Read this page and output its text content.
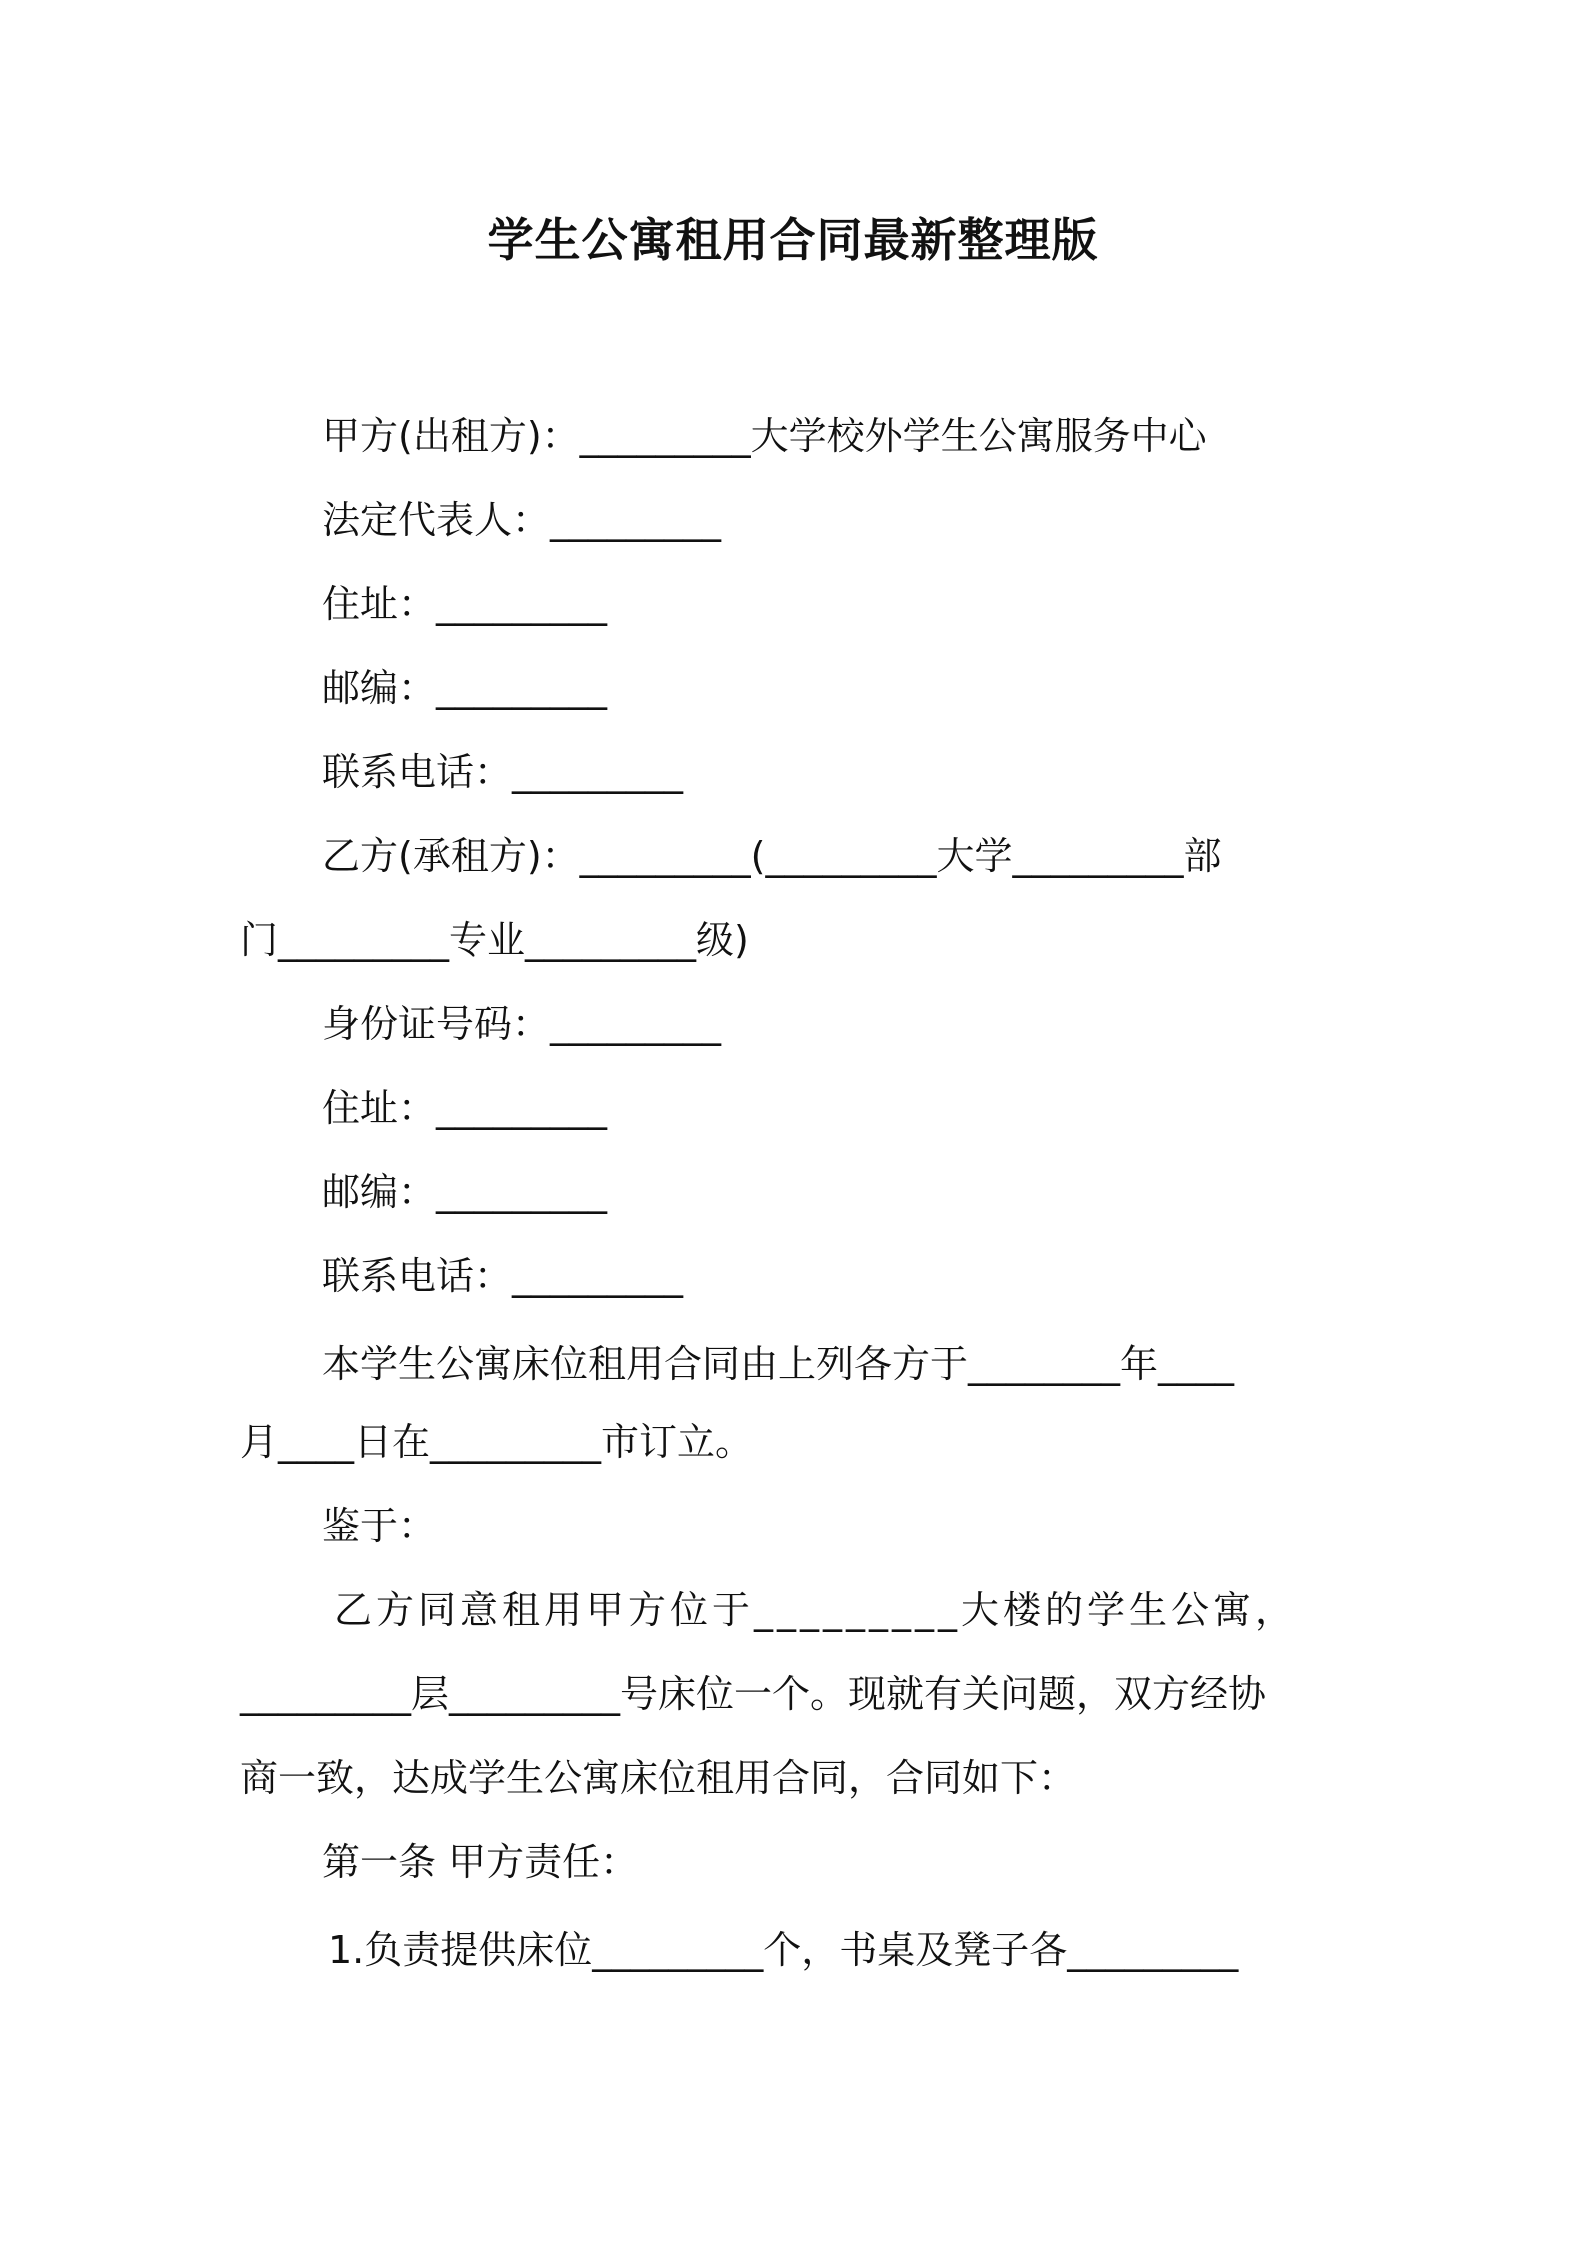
学生公寓租用合同最新整理版
甲方(出租方)：_________大学校外学生公寓服务中心
法定代表人：_________
住址：_________
邮编：_________
联系电话：_________
乙方(承租方)：_________(_________大学_________部
门_________专业_________级)
身份证号码：_________
住址：_________
邮编：_________
联系电话：_________
本学生公寓床位租用合同由上列各方于________年____
月____日在_________市订立。
鉴于：
乙方同意租用甲方位于_________大楼的学生公寓，
_________层_________号床位一个。现就有关问题，双方经协
商一致，达成学生公寓床位租用合同，合同如下：
第一条 甲方责任：
1.负责提供床位_________个，书桌及凳子各_________
